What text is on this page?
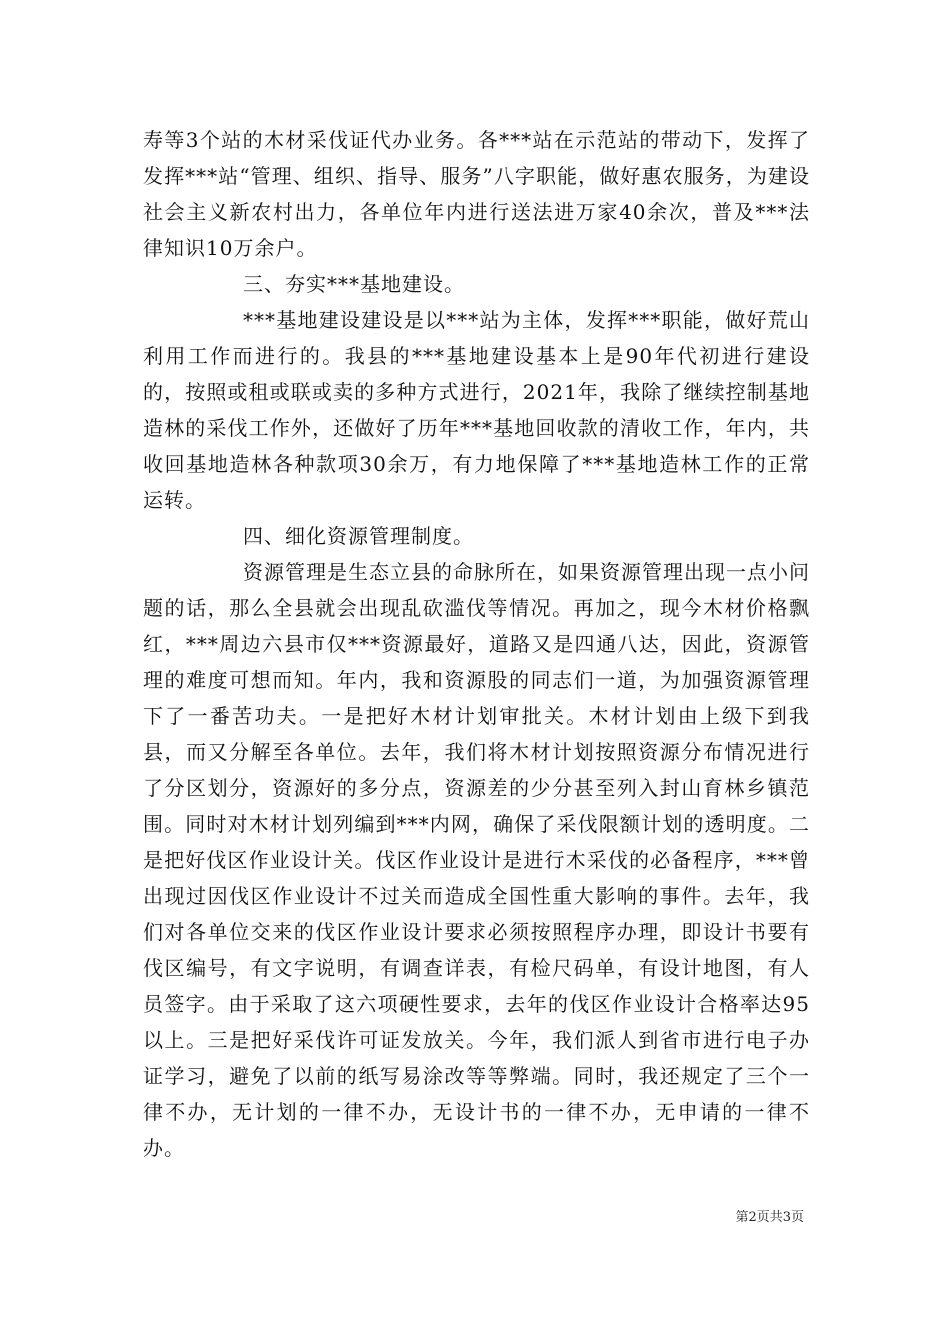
寿等3个站的木材采伐证代办业务。各***站在示范站的带动下，发挥了发挥***站“管理、组织、指导、服务”八字职能，做好惠农服务，为建设社会主义新农村出力，各单位年内进行送法进万家40余次，普及***法律知识10万余户。

三、夯实***基地建设。

***基地建设建设是以***站为主体，发挥***职能，做好荒山利用工作而进行的。我县的***基地建设基本上是90年代初进行建设的，按照或租或联或卖的多种方式进行，2021年，我除了继续控制基地造林的采伐工作外，还做好了历年***基地回收款的清收工作，年内，共收回基地造林各种款项30余万，有力地保障了***基地造林工作的正常运转。

四、细化资源管理制度。

资源管理是生态立县的命脉所在，如果资源管理出现一点小问题的话，那么全县就会出现乱砍滥伐等情况。再加之，现今木材价格飘红，***周边六县市仅***资源最好，道路又是四通八达，因此，资源管理的难度可想而知。年内，我和资源股的同志们一道，为加强资源管理下了一番苦功夫。一是把好木材计划审批关。木材计划由上级下到我县，而又分解至各单位。去年，我们将木材计划按照资源分布情况进行了分区划分，资源好的多分点，资源差的少分甚至列入封山育林乡镇范围。同时对木材计划列编到***内网，确保了采伐限额计划的透明度。二是把好伐区作业设计关。伐区作业设计是进行木采伐的必备程序，***曾出现过因伐区作业设计不过关而造成全国性重大影响的事件。去年，我们对各单位交来的伐区作业设计要求必须按照程序办理，即设计书要有伐区编号，有文字说明，有调查详表，有检尺码单，有设计地图，有人员签字。由于采取了这六项硬性要求，去年的伐区作业设计合格率达95以上。三是把好采伐许可证发放关。今年，我们派人到省市进行电子办证学习，避免了以前的纸写易涂改等等弊端。同时，我还规定了三个一律不办，无计划的一律不办，无设计书的一律不办，无申请的一律不办。

第2页共3页
